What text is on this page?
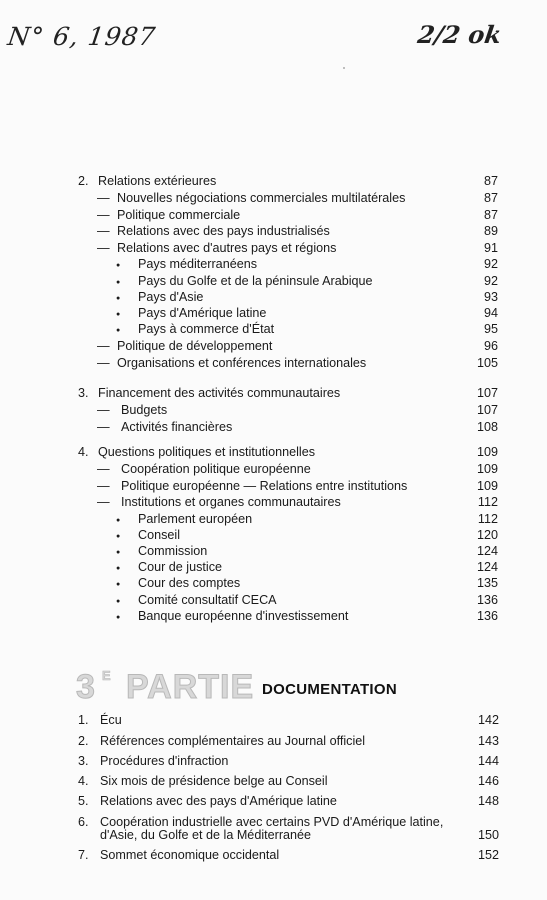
N° 6, 1987	2/2 ok
2. Relations extérieures	87
— Nouvelles négociations commerciales multilatérales	87
— Politique commerciale	87
— Relations avec des pays industrialisés	89
— Relations avec d'autres pays et régions	91
● Pays méditerranéens	92
● Pays du Golfe et de la péninsule Arabique	92
● Pays d'Asie	93
● Pays d'Amérique latine	94
● Pays à commerce d'État	95
— Politique de développement	96
— Organisations et conférences internationales	105
3. Financement des activités communautaires	107
— Budgets	107
— Activités financières	108
4. Questions politiques et institutionnelles	109
— Coopération politique européenne	109
— Politique européenne — Relations entre institutions	109
— Institutions et organes communautaires	112
● Parlement européen	112
● Conseil	120
● Commission	124
● Cour de justice	124
● Cour des comptes	135
● Comité consultatif CECA	136
● Banque européenne d'investissement	136
3 E PARTIE DOCUMENTATION
1. Écu	142
2. Références complémentaires au Journal officiel	143
3. Procédures d'infraction	144
4. Six mois de présidence belge au Conseil	146
5. Relations avec des pays d'Amérique latine	148
6. Coopération industrielle avec certains PVD d'Amérique latine,
d'Asie, du Golfe et de la Méditerranée	150
7. Sommet économique occidental	152
